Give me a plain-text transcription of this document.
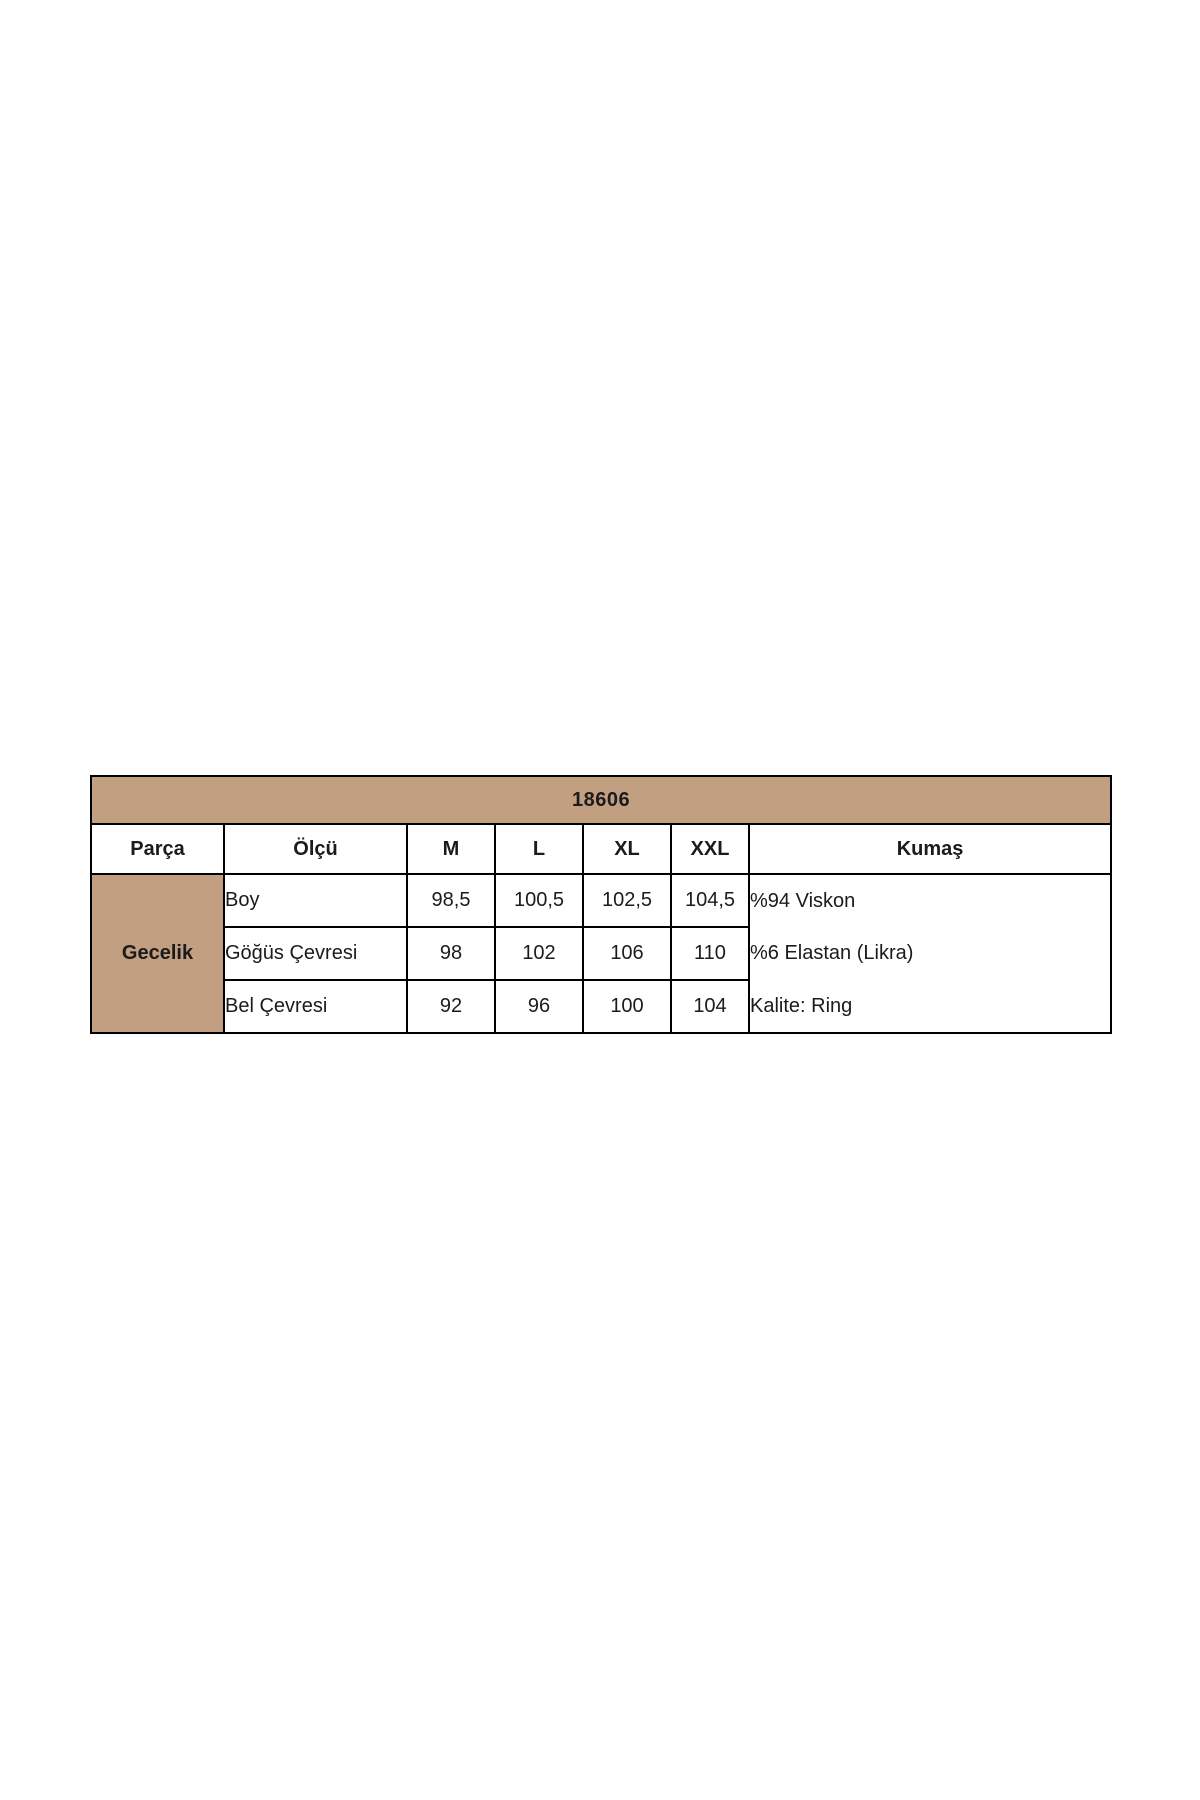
18606						
Parça	Ölçü	M	L	XL	XXL	Kumaş
Gecelik	Boy	98,5	100,5	102,5	104,5	%94 Viskon
	Göğüs Çevresi	98	102	106	110	%6 Elastan (Likra)
	Bel Çevresi	92	96	100	104	Kalite: Ring
